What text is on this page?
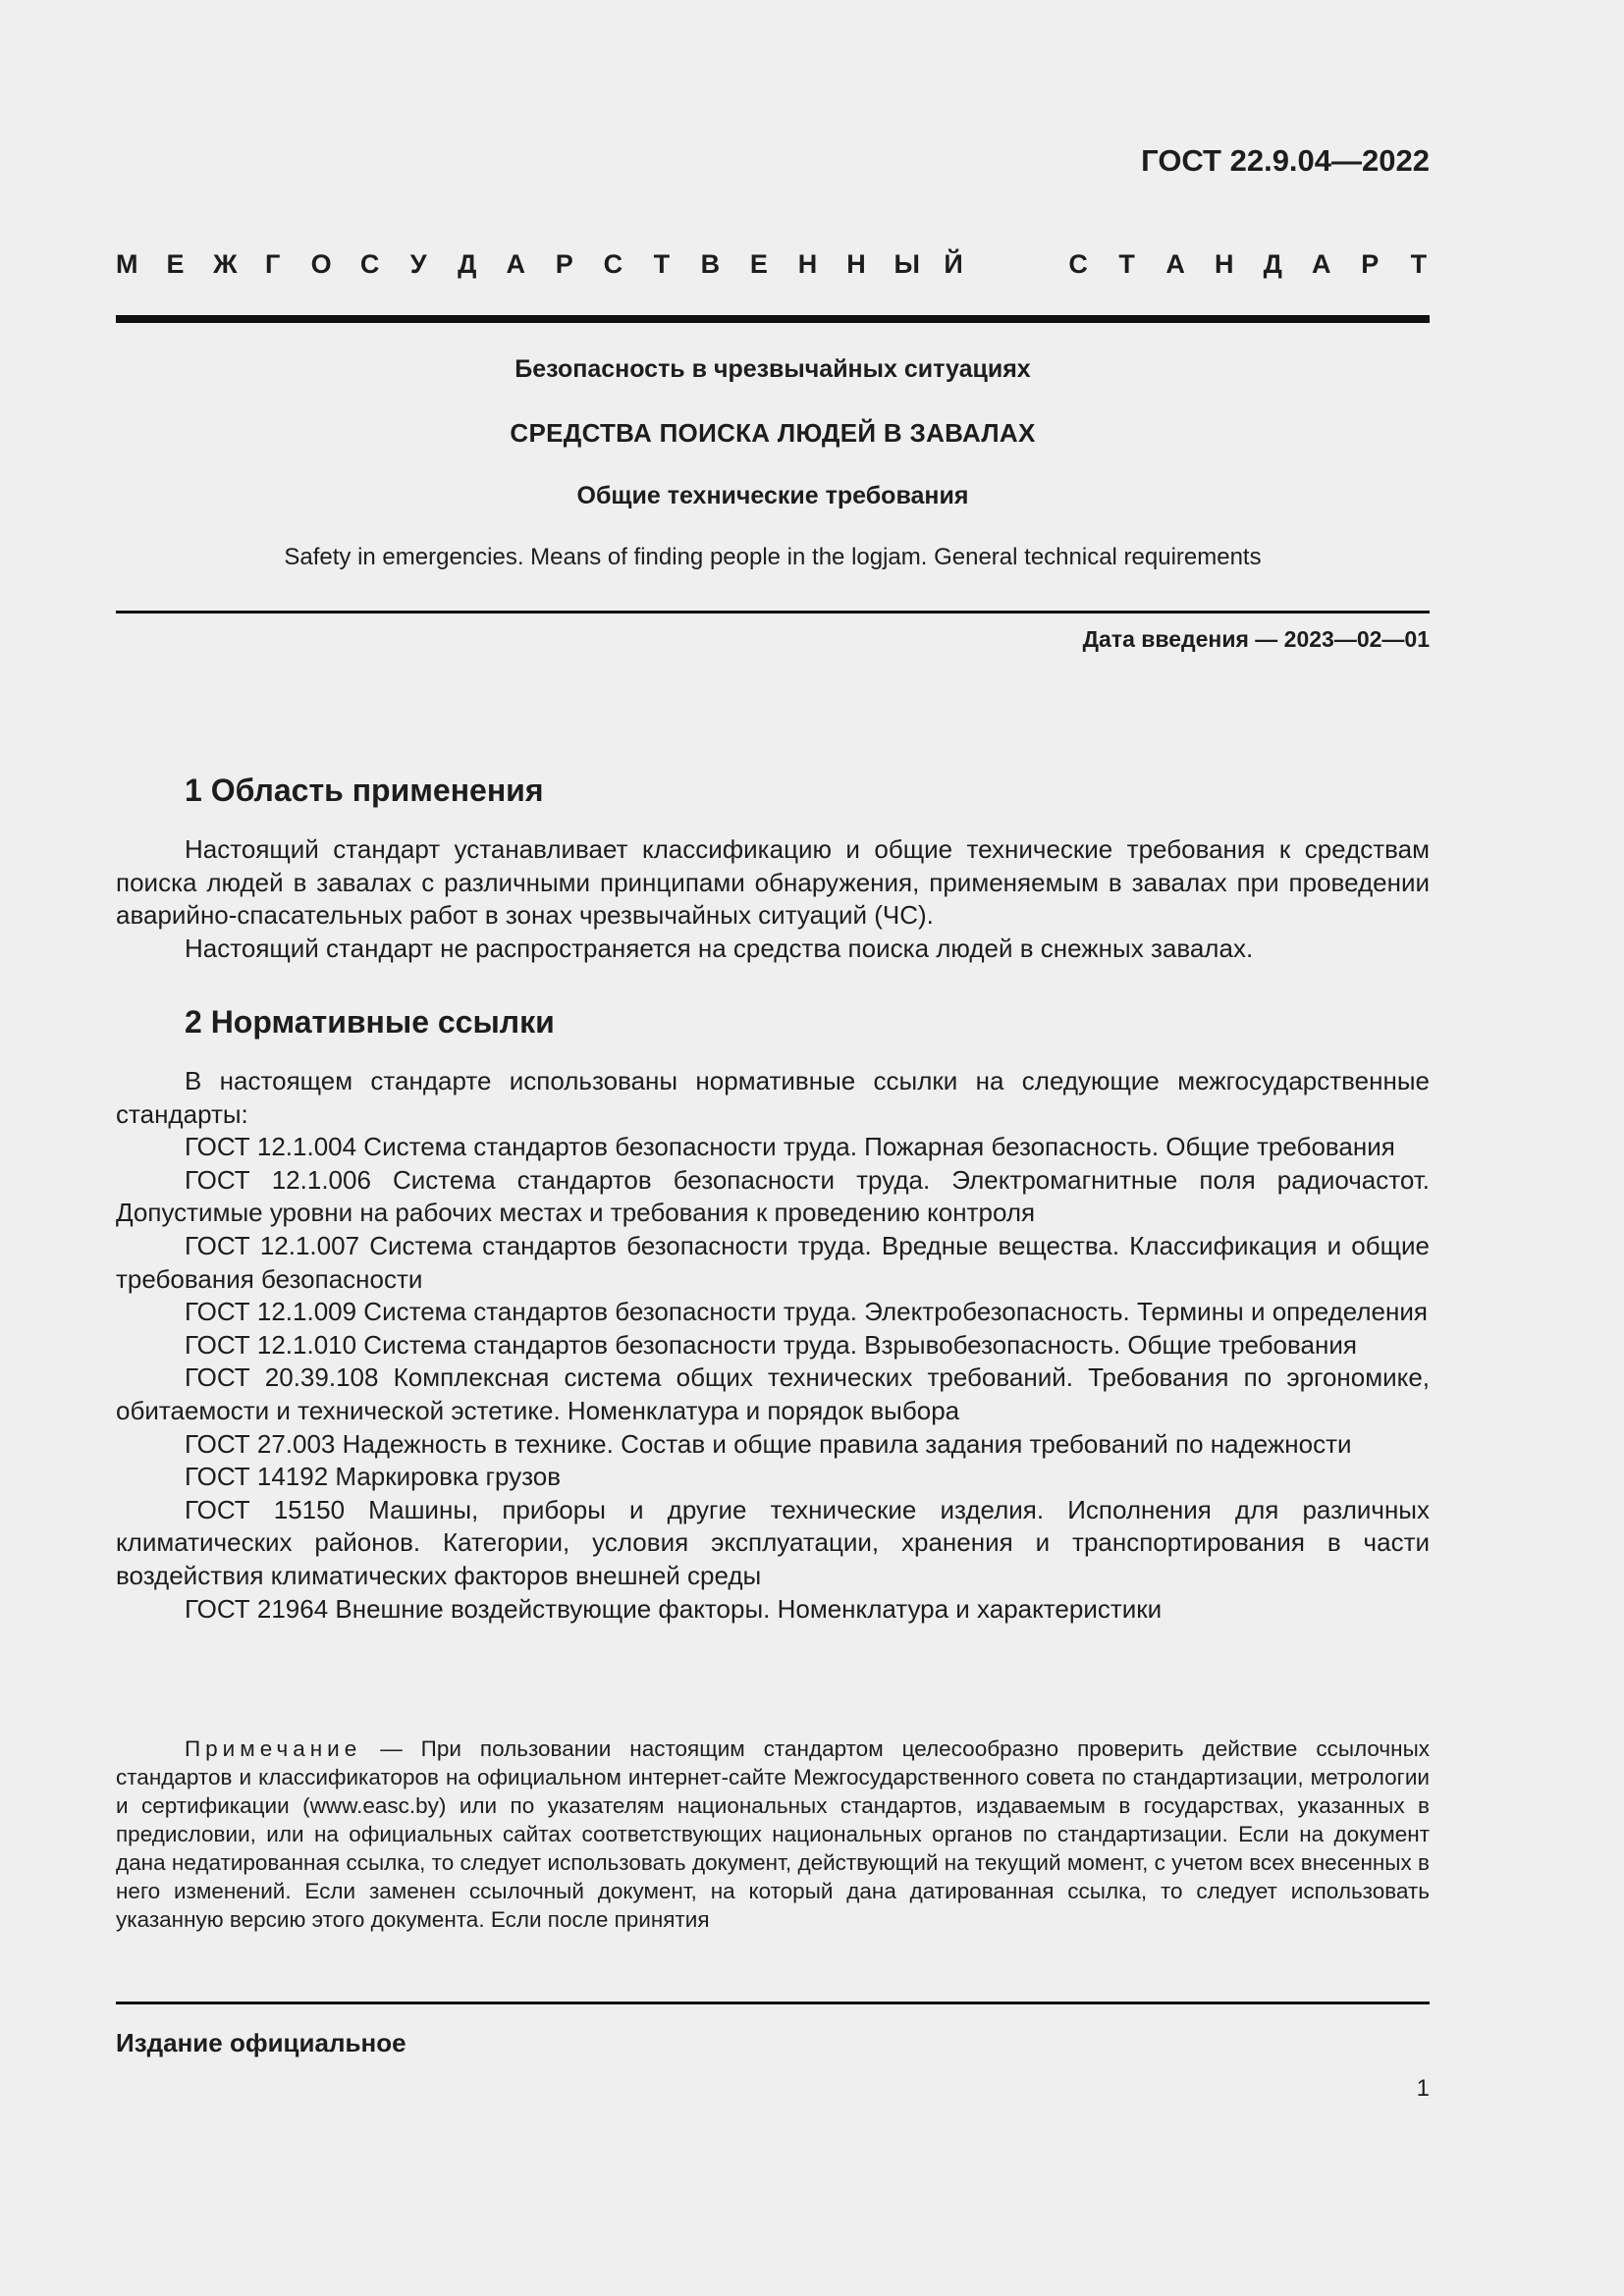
ГОСТ 22.9.04—2022
М Е Ж Г О С У Д А Р С Т В Е Н Н Ы Й	С Т А Н Д А Р Т
Безопасность в чрезвычайных ситуациях
СРЕДСТВА ПОИСКА ЛЮДЕЙ В ЗАВАЛАХ
Общие технические требования
Safety in emergencies. Means of finding people in the logjam. General technical requirements
Дата введения — 2023—02—01
1 Область применения

Настоящий стандарт устанавливает классификацию и общие технические требования к средствам поиска людей в завалах с различными принципами обнаружения, применяемым в завалах при проведении аварийно-спасательных работ в зонах чрезвычайных ситуаций (ЧС).

Настоящий стандарт не распространяется на средства поиска людей в снежных завалах.

2 Нормативные ссылки

В настоящем стандарте использованы нормативные ссылки на следующие межгосударственные стандарты:

ГОСТ 12.1.004 Система стандартов безопасности труда. Пожарная безопасность. Общие требования

ГОСТ 12.1.006 Система стандартов безопасности труда. Электромагнитные поля радиочастот. Допустимые уровни на рабочих местах и требования к проведению контроля

ГОСТ 12.1.007 Система стандартов безопасности труда. Вредные вещества. Классификация и общие требования безопасности

ГОСТ 12.1.009 Система стандартов безопасности труда. Электробезопасность. Термины и определения

ГОСТ 12.1.010 Система стандартов безопасности труда. Взрывобезопасность. Общие требования

ГОСТ 20.39.108 Комплексная система общих технических требований. Требования по эргономике, обитаемости и технической эстетике. Номенклатура и порядок выбора

ГОСТ 27.003 Надежность в технике. Состав и общие правила задания требований по надежности

ГОСТ 14192 Маркировка грузов

ГОСТ 15150 Машины, приборы и другие технические изделия. Исполнения для различных климатических районов. Категории, условия эксплуатации, хранения и транспортирования в части воздействия климатических факторов внешней среды

ГОСТ 21964 Внешние воздействующие факторы. Номенклатура и характеристики

Примечание — При пользовании настоящим стандартом целесообразно проверить действие ссылочных стандартов и классификаторов на официальном интернет-сайте Межгосударственного совета по стандартизации, метрологии и сертификации (www.easc.by) или по указателям национальных стандартов, издаваемым в государствах, указанных в предисловии, или на официальных сайтах соответствующих национальных органов по стандартизации. Если на документ дана недатированная ссылка, то следует использовать документ, действующий на текущий момент, с учетом всех внесенных в него изменений. Если заменен ссылочный документ, на который дана датированная ссылка, то следует использовать указанную версию этого документа. Если после принятия

Издание официальное
1
